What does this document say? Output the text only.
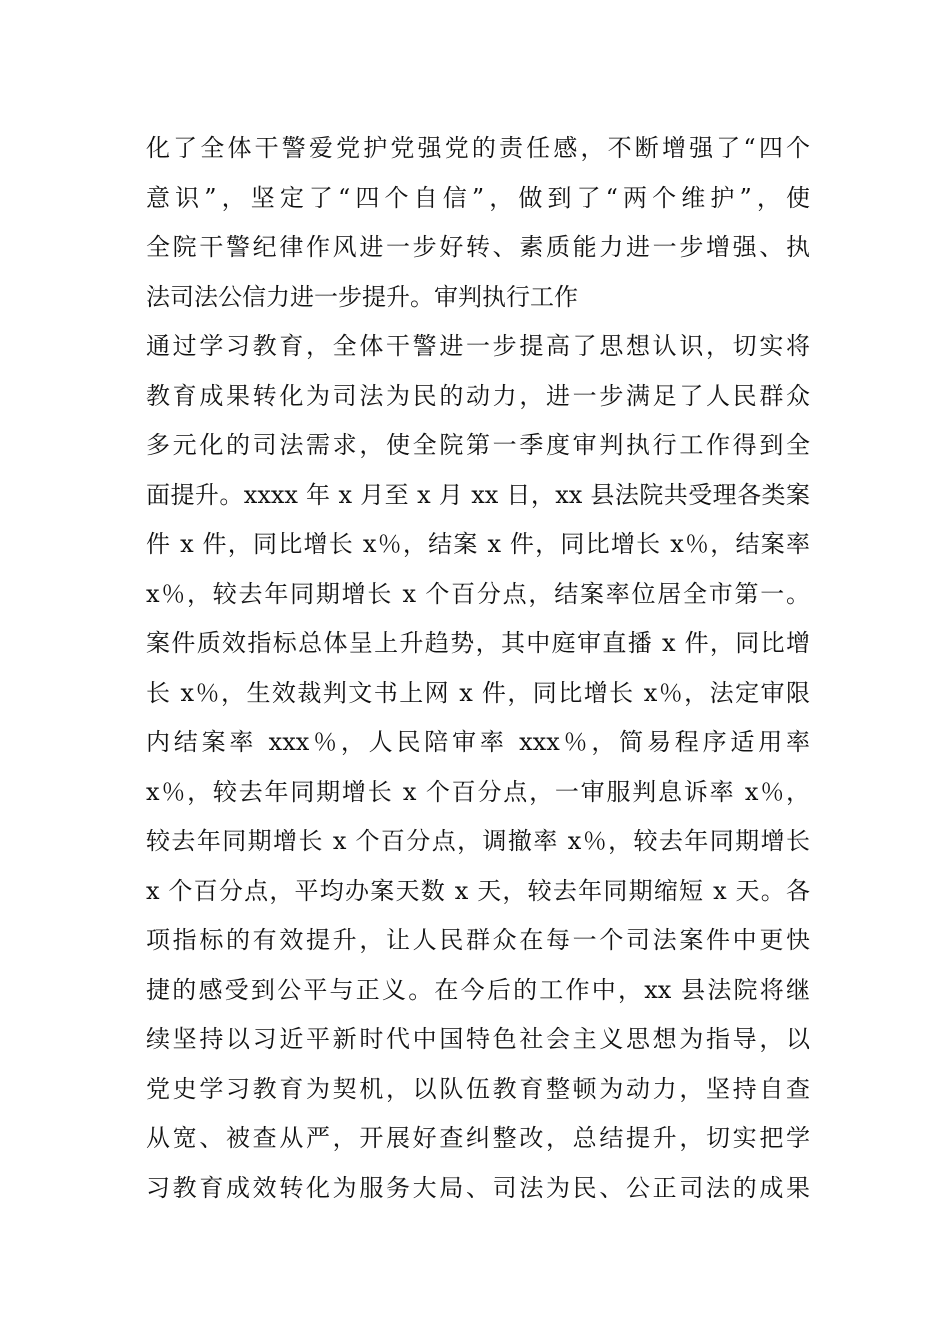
化了全体干警爱党护党强党的责任感，不断增强了“四个
意识”，坚定了“四个自信”，做到了“两个维护”，使
全院干警纪律作风进一步好转、素质能力进一步增强、执
法司法公信力进一步提升。审判执行工作
通过学习教育，全体干警进一步提高了思想认识，切实将
教育成果转化为司法为民的动力，进一步满足了人民群众
多元化的司法需求，使全院第一季度审判执行工作得到全
面提升。xxxx 年 x 月至 x 月 xx 日，xx 县法院共受理各类案
件 x 件，同比增长 x％，结案 x 件，同比增长 x％，结案率
x％，较去年同期增长 x 个百分点，结案率位居全市第一。
案件质效指标总体呈上升趋势，其中庭审直播 x 件，同比增
长 x％，生效裁判文书上网 x 件，同比增长 x％，法定审限
内结案率 xxx％，人民陪审率 xxx％，简易程序适用率
x％，较去年同期增长 x 个百分点，一审服判息诉率 x％，
较去年同期增长 x 个百分点，调撤率 x％，较去年同期增长
x 个百分点，平均办案天数 x 天，较去年同期缩短 x 天。各
项指标的有效提升，让人民群众在每一个司法案件中更快
捷的感受到公平与正义。在今后的工作中，xx 县法院将继
续坚持以习近平新时代中国特色社会主义思想为指导，以
党史学习教育为契机，以队伍教育整顿为动力，坚持自查
从宽、被查从严，开展好查纠整改，总结提升，切实把学
习教育成效转化为服务大局、司法为民、公正司法的成果
